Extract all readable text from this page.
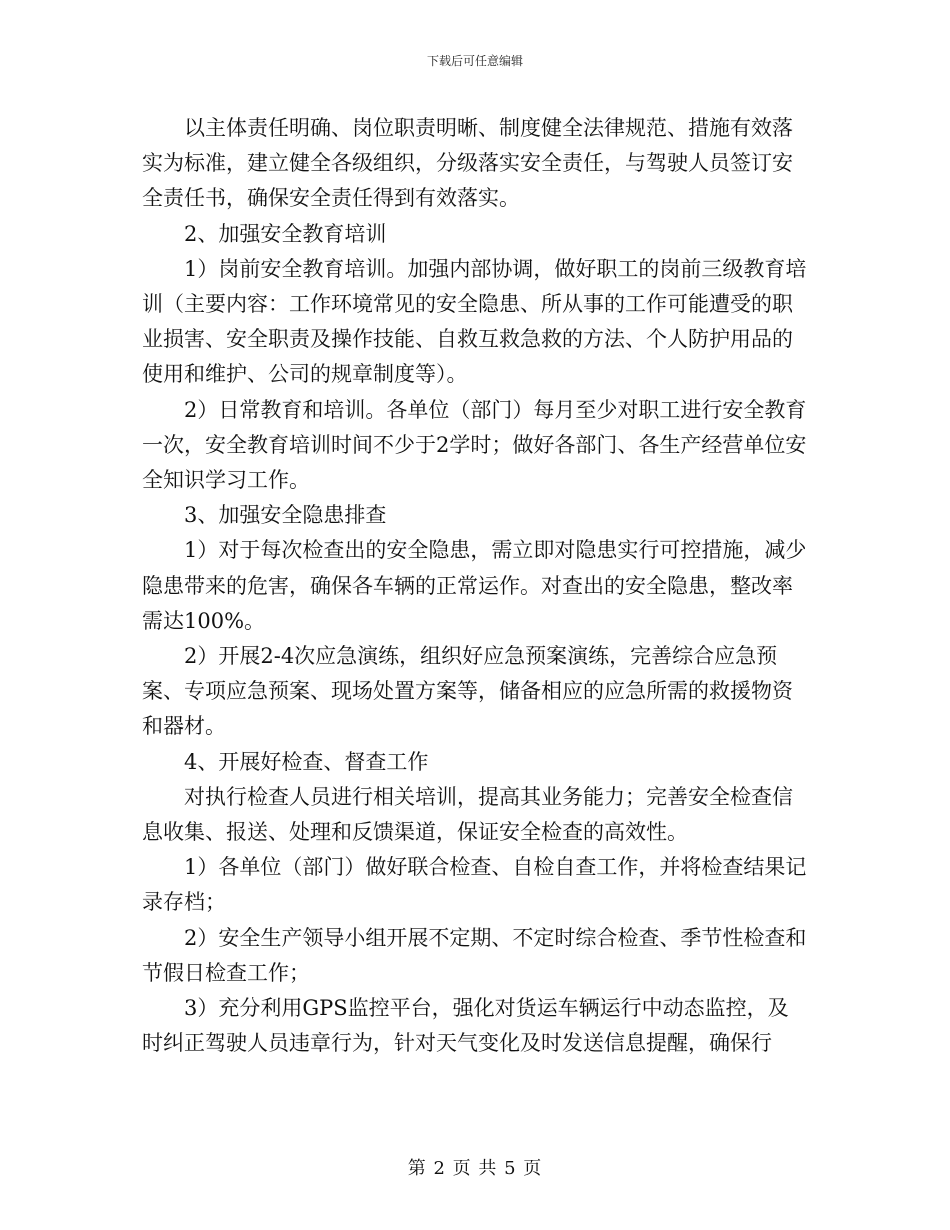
下载后可任意编辑

以主体责任明确、岗位职责明晰、制度健全法律规范、措施有效落实为标准，建立健全各级组织，分级落实安全责任，与驾驶人员签订安全责任书，确保安全责任得到有效落实。

2、加强安全教育培训

1）岗前安全教育培训。加强内部协调，做好职工的岗前三级教育培训（主要内容：工作环境常见的安全隐患、所从事的工作可能遭受的职业损害、安全职责及操作技能、自救互救急救的方法、个人防护用品的使用和维护、公司的规章制度等）。

2）日常教育和培训。各单位（部门）每月至少对职工进行安全教育一次，安全教育培训时间不少于2学时；做好各部门、各生产经营单位安全知识学习工作。

3、加强安全隐患排查

1）对于每次检查出的安全隐患，需立即对隐患实行可控措施，减少隐患带来的危害，确保各车辆的正常运作。对查出的安全隐患，整改率需达100%。

2）开展2-4次应急演练，组织好应急预案演练，完善综合应急预案、专项应急预案、现场处置方案等，储备相应的应急所需的救援物资和器材。

4、开展好检查、督查工作

对执行检查人员进行相关培训，提高其业务能力；完善安全检查信息收集、报送、处理和反馈渠道，保证安全检查的高效性。

1）各单位（部门）做好联合检查、自检自查工作，并将检查结果记录存档；

2）安全生产领导小组开展不定期、不定时综合检查、季节性检查和节假日检查工作；

3）充分利用GPS监控平台，强化对货运车辆运行中动态监控，及时纠正驾驶人员违章行为，针对天气变化及时发送信息提醒，确保行

第 2 页 共 5 页
